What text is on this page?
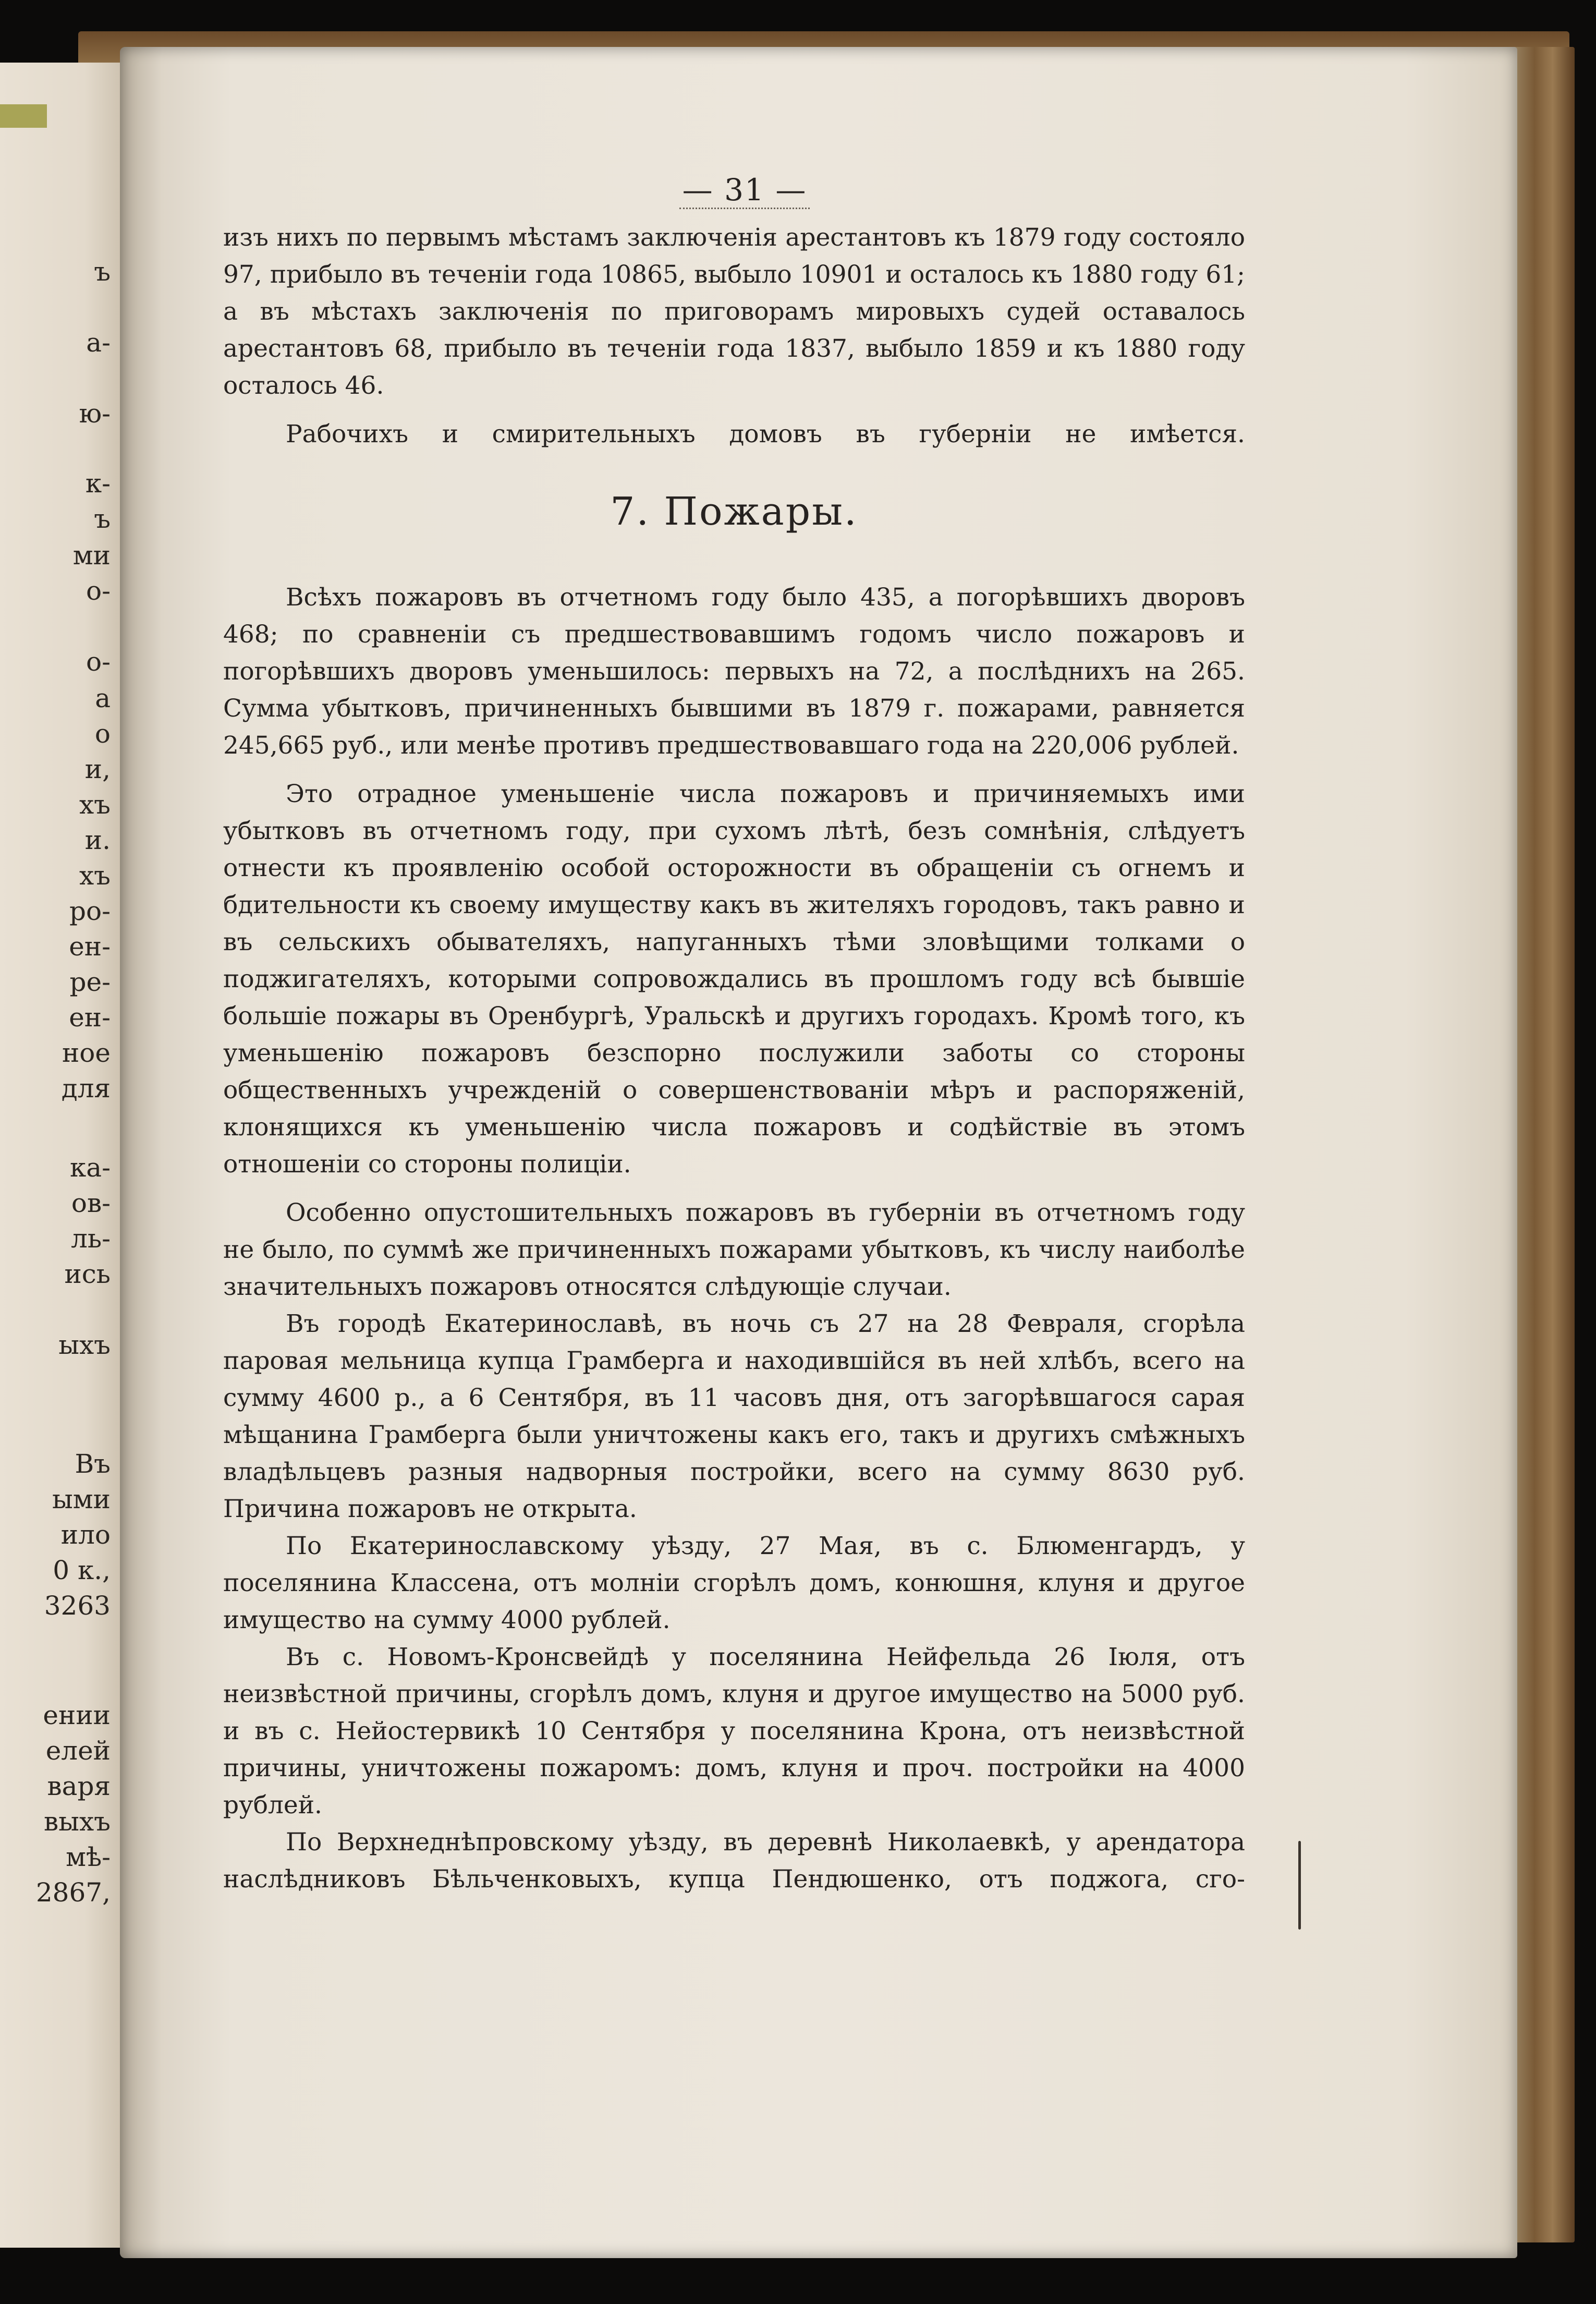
ъ
а-
ю-
к-
ъ
ми
о-
о-
а
о
и,
хъ
и.
хъ
ро-
ен-
ре-
ен-
ное
для
ка-
ов-
ль-
ись
ыхъ
Въ
ыми
ило
0 к.,
3263
ении
елей
варя
выхъ
мѣ-
2867,
— 31 —

изъ нихъ по первымъ мѣстамъ заключенія арестантовъ къ 1879 году состояло 97, прибыло въ теченіи года 10865, выбыло 10901 и осталось къ 1880 году 61; а въ мѣстахъ заключенія по приговорамъ мировыхъ судей оставалось арестантовъ 68, прибыло въ теченіи года 1837, выбыло 1859 и къ 1880 году осталось 46.

Рабочихъ и смирительныхъ домовъ въ губерніи не имѣется.

7. Пожары.

Всѣхъ пожаровъ въ отчетномъ году было 435, а погорѣвшихъ дворовъ 468; по сравненіи съ предшествовавшимъ годомъ число пожаровъ и погорѣвшихъ дворовъ уменьшилось: первыхъ на 72, а послѣднихъ на 265. Сумма убытковъ, причиненныхъ бывшими въ 1879 г. пожарами, равняется 245,665 руб., или менѣе противъ предшествовавшаго года на 220,006 рублей.

Это отрадное уменьшеніе числа пожаровъ и причиняемыхъ ими убытковъ въ отчетномъ году, при сухомъ лѣтѣ, безъ сомнѣнія, слѣдуетъ отнести къ проявленію особой осторожности въ обращеніи съ огнемъ и бдительности къ своему имуществу какъ въ жителяхъ городовъ, такъ равно и въ сельскихъ обывателяхъ, напуганныхъ тѣми зловѣщими толками о поджигателяхъ, которыми сопровождались въ прошломъ году всѣ бывшіе большіе пожары въ Оренбургѣ, Уральскѣ и другихъ городахъ. Кромѣ того, къ уменьшенію пожаровъ безспорно послужили заботы со стороны общественныхъ учрежденій о совершенствованіи мѣръ и распоряженій, клонящихся къ уменьшенію числа пожаровъ и содѣйствіе въ этомъ отношеніи со стороны полиціи.

Особенно опустошительныхъ пожаровъ въ губерніи въ отчетномъ году не было, по суммѣ же причиненныхъ пожарами убытковъ, къ числу наиболѣе значительныхъ пожаровъ относятся слѣдующіе случаи.

Въ городѣ Екатеринославѣ, въ ночь съ 27 на 28 Февраля, сгорѣла паровая мельница купца Грамберга и находившійся въ ней хлѣбъ, всего на сумму 4600 р., а 6 Сентября, въ 11 часовъ дня, отъ загорѣвшагося сарая мѣщанина Грамберга были уничтожены какъ его, такъ и другихъ смѣжныхъ владѣльцевъ разныя надворныя постройки, всего на сумму 8630 руб. Причина пожаровъ не открыта.

По Екатеринославскому уѣзду, 27 Мая, въ с. Блюменгардъ, у поселянина Классена, отъ молніи сгорѣлъ домъ, конюшня, клуня и другое имущество на сумму 4000 рублей.

Въ с. Новомъ-Кронсвейдѣ у поселянина Нейфельда 26 Іюля, отъ неизвѣстной причины, сгорѣлъ домъ, клуня и другое имущество на 5000 руб. и въ с. Нейостервикѣ 10 Сентября у поселянина Крона, отъ неизвѣстной причины, уничтожены пожаромъ: домъ, клуня и проч. постройки на 4000 рублей.

По Верхнеднѣпровскому уѣзду, въ деревнѣ Николаевкѣ, у арендатора наслѣдниковъ Бѣльченковыхъ, купца Пендюшенко, отъ поджога, сго-
